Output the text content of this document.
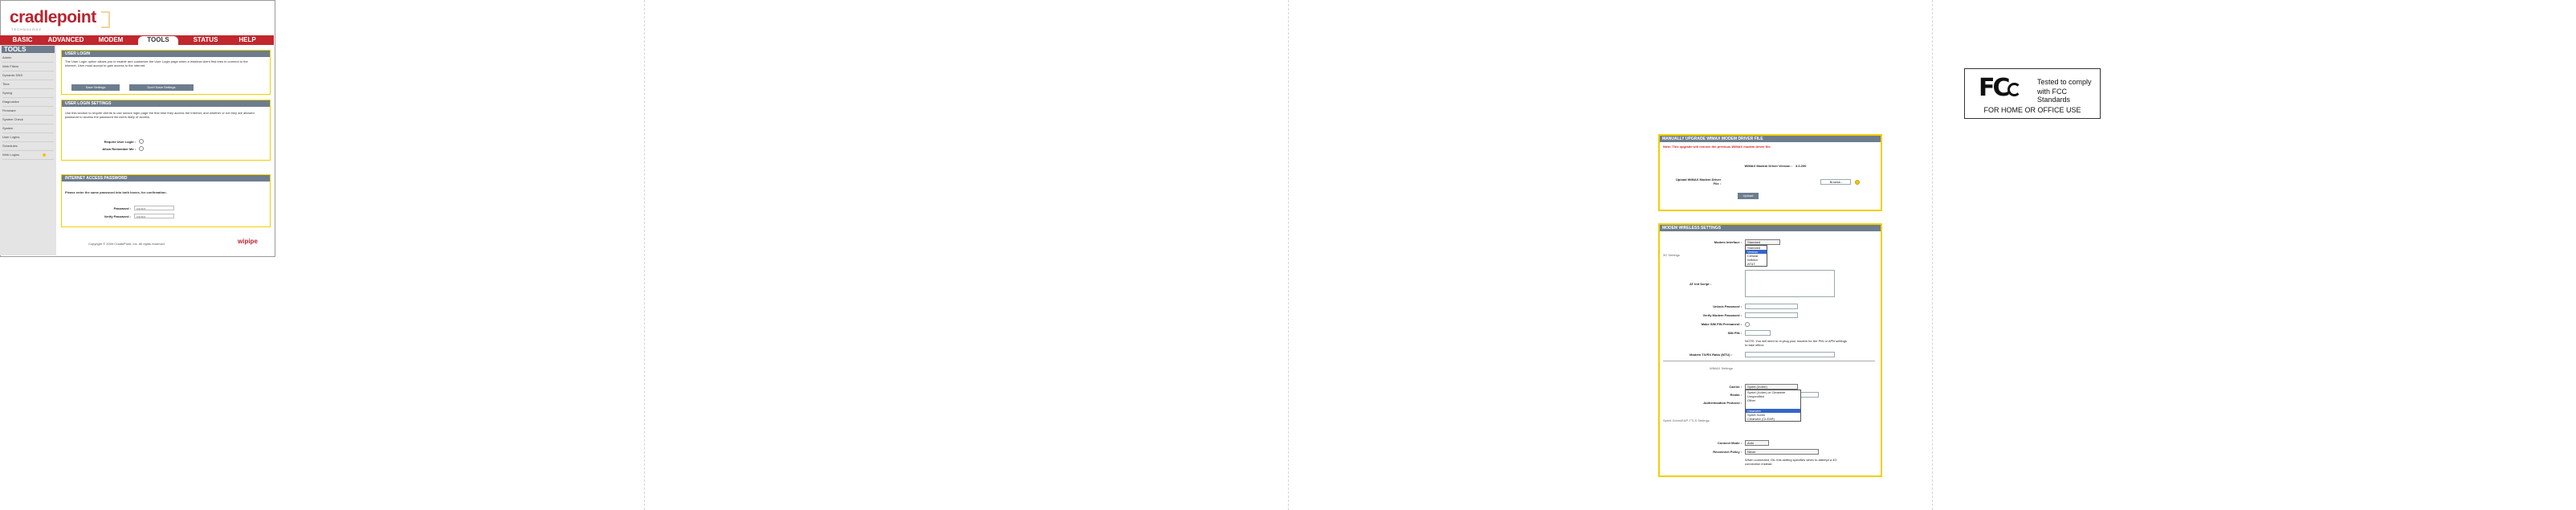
cradlepoint
TECHNOLOGY
BASIC	ADVANCED	MODEM	TOOLS	STATUS	HELP
TOOLS
Admin
Web Filters
Dynamic DNS
Time
Syslog
Diagnostics
Firmware
System Check
System
User Logins
Schedules
Web Logins
USER LOGIN
The User Login option allows you to enable and customize the User Login page when a wireless client first tries to connect to the Internet. User must accept to gain access to the internet.
Save Settings	Don't Save Settings
USER LOGIN SETTINGS
Use this section to require clients to use secure login page the first time they access the Internet, and whether or not they are allowed password to access the password list users likely of access.
Require User Login :
Allow Remember Me :
INTERNET ACCESS PASSWORD
Please enter the same password into both boxes, for confirmation.
Password :	••••••••
Verify Password :	••••••••
Copyright © 2009 CradlePoint, Inc. All rights reserved.	wipipe
MANUALLY UPGRADE WIMAX MODEM DRIVER FILE
Note: This upgrade will remove the previous WiMAX modem driver file.
WiMAX Modem Driver Version : 3.0.200
Upload WiMAX Modem Driver
File :	Browse...
Upload
MODEM WIRELESS SETTINGS
Modem Interface :	Standard
Standard
Verizon
Cellular
WiMAX
AT&T
3G Settings
AT Init Script :
Unlock Password :
Verify Modem Password :
Make SIM PIN Permanent :
SIM PIN :
NOTE: You will need to re-plug your modem for the PIN or APN settings
to take effect.
Modem TX/RX Ratio (MTU) :
WiMAX Settings
Carrier :	Sprint (Xohm)
Realm :
Authentication Protocol :
Sprint (Xohm) or Clearwire
Unspecified
Other
Clearwire
Sprint Xohm
Clearwire (CLEAR)
Sprint Xohm/EAP-TTLS Settings
Connect Mode :	Auto
Reconnect Policy :	Never
When connected, DIL this setting specifies when to attempt a 4G
connection instead.
FC	Tested to comply
with FCC Standards
FOR HOME OR OFFICE USE
